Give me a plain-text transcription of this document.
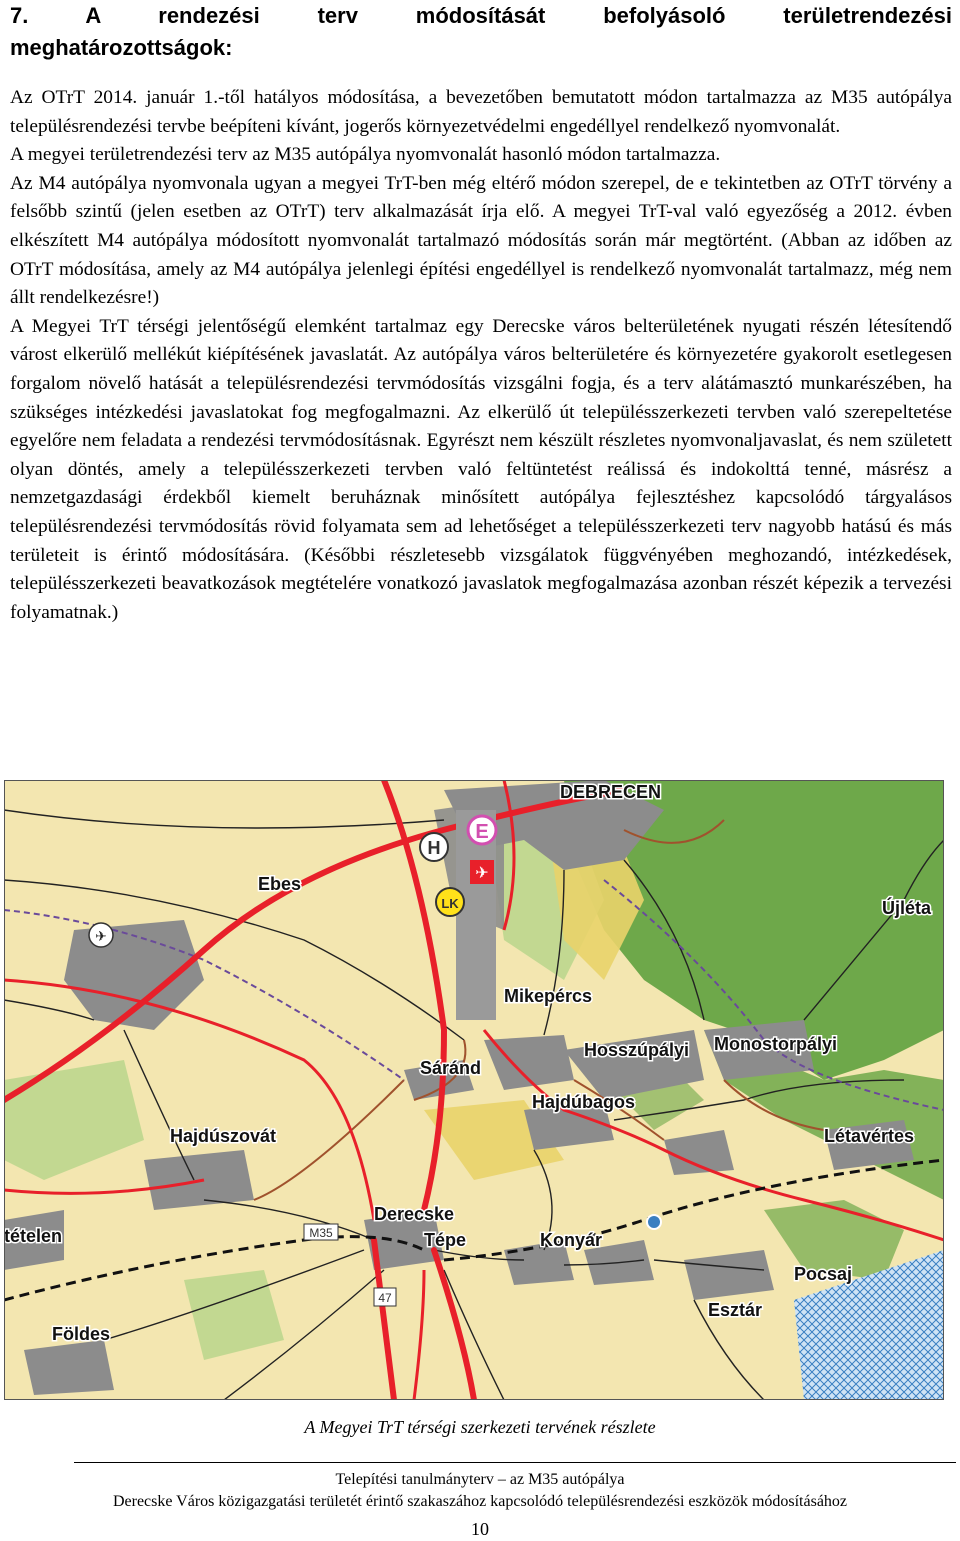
7. A rendezési terv módosítását befolyásoló területrendezési
meghatározottságok:

Az OTrT 2014. január 1.-től hatályos módosítása, a bevezetőben bemutatott módon tartalmazza az M35 autópálya településrendezési tervbe beépíteni kívánt, jogerős környezetvédelmi engedéllyel rendelkező nyomvonalát.

A megyei területrendezési terv az M35 autópálya nyomvonalát hasonló módon tartalmazza.

Az M4 autópálya nyomvonala ugyan a megyei TrT-ben még eltérő módon szerepel, de e tekintetben az OTrT törvény a felsőbb szintű (jelen esetben az OTrT) terv alkalmazását írja elő. A megyei TrT-val való egyezőség a 2012. évben elkészített M4 autópálya módosított nyomvonalát tartalmazó módosítás során már megtörtént. (Abban az időben az OTrT módosítása, amely az M4 autópálya jelenlegi építési engedéllyel is rendelkező nyomvonalát tartalmazz, még nem állt rendelkezésre!)

A Megyei TrT térségi jelentőségű elemként tartalmaz egy Derecske város belterületének nyugati részén létesítendő várost elkerülő mellékút kiépítésének javaslatát. Az autópálya város belterületére és környezetére gyakorolt esetlegesen forgalom növelő hatását a településrendezési tervmódosítás vizsgálni fogja, és a terv alátámasztó munkarészében, ha szükséges intézkedési javaslatokat fog megfogalmazni. Az elkerülő út településszerkezeti tervben való szerepeltetése egyelőre nem feladata a rendezési tervmódosításnak. Egyrészt nem készült részletes nyomvonaljavaslat, és nem született olyan döntés, amely a településszerkezeti tervben való feltüntetést reálissá és indokolttá tenné, másrész a nemzetgazdasági érdekből kiemelt beruháznak minősített autópálya fejlesztéshez kapcsolódó tárgyalásos településrendezési tervmódosítás rövid folyamata sem ad lehetőséget a településszerkezeti terv nagyobb hatású és más területeit is érintő módosítására. (Későbbi részletesebb vizsgálatok függvényében meghozandó, intézkedések, településszerkezeti beavatkozások megtételére vonatkozó javaslatok megfogalmazása azonban részét képezik a tervezési folyamatnak.)

E
H
✈
LK
✈
M35
47
DEBRECEN
Ebes
Mikepércs
Hosszúpályi Monostorpályi
Sáránd
Hajdúbagos
Hajdúszovát	Létavértes
Derecske
Tépe	Konyár
Pocsaj
Esztár
Földes
Újléta
tételen
A Megyei TrT térségi szerkezeti tervének részlete
Telepítési tanulmányterv – az M35 autópálya
Derecske Város közigazgatási területét érintő szakaszához kapcsolódó településrendezési eszközök módosításához
10
